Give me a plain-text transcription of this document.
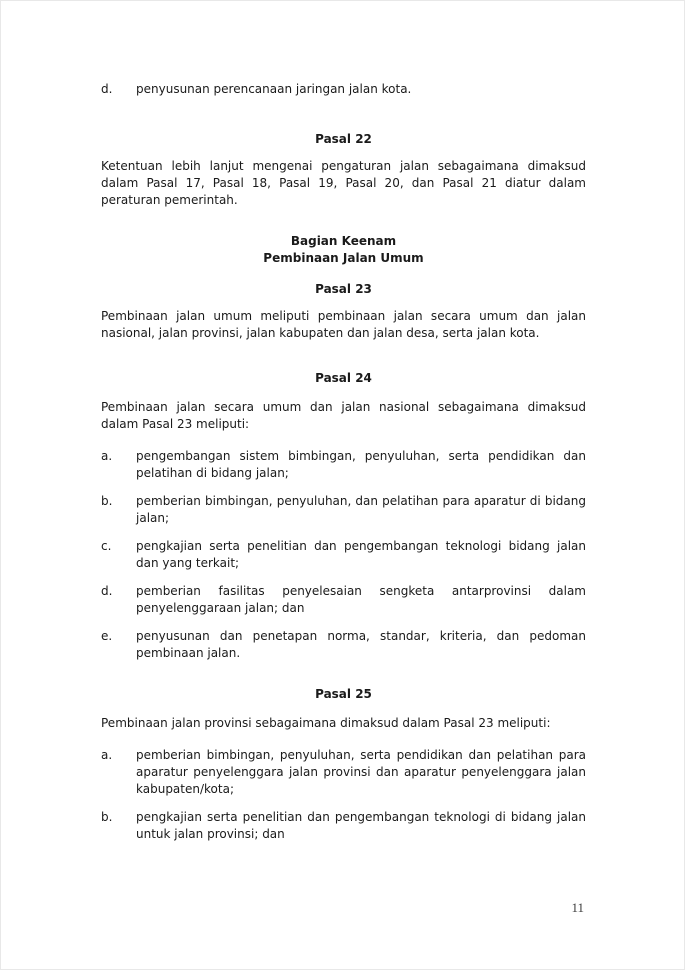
d.	penyusunan perencanaan jaringan jalan kota.
Pasal 22
Ketentuan lebih lanjut mengenai pengaturan jalan sebagaimana dimaksud dalam Pasal 17, Pasal 18, Pasal 19, Pasal 20, dan Pasal 21 diatur dalam peraturan pemerintah.
Bagian Keenam
Pembinaan Jalan Umum
Pasal 23
Pembinaan jalan umum meliputi pembinaan jalan secara umum dan jalan nasional, jalan provinsi, jalan kabupaten dan jalan desa, serta jalan kota.
Pasal 24
Pembinaan jalan secara umum dan jalan nasional sebagaimana dimaksud dalam Pasal 23 meliputi:
a.	pengembangan sistem bimbingan, penyuluhan, serta pendidikan dan pelatihan di bidang jalan;
b.	pemberian bimbingan, penyuluhan, dan pelatihan para aparatur di bidang jalan;
c.	pengkajian serta penelitian dan pengembangan teknologi bidang jalan dan yang terkait;
d.	pemberian fasilitas penyelesaian sengketa antarprovinsi dalam penyelenggaraan jalan; dan
e.	penyusunan dan penetapan norma, standar, kriteria, dan pedoman pembinaan jalan.
Pasal 25
Pembinaan jalan provinsi sebagaimana dimaksud dalam Pasal 23 meliputi:
a.	pemberian bimbingan, penyuluhan, serta pendidikan dan pelatihan para aparatur penyelenggara jalan provinsi dan aparatur penyelenggara jalan kabupaten/kota;
b.	pengkajian serta penelitian dan pengembangan teknologi di bidang jalan untuk jalan provinsi; dan
11
